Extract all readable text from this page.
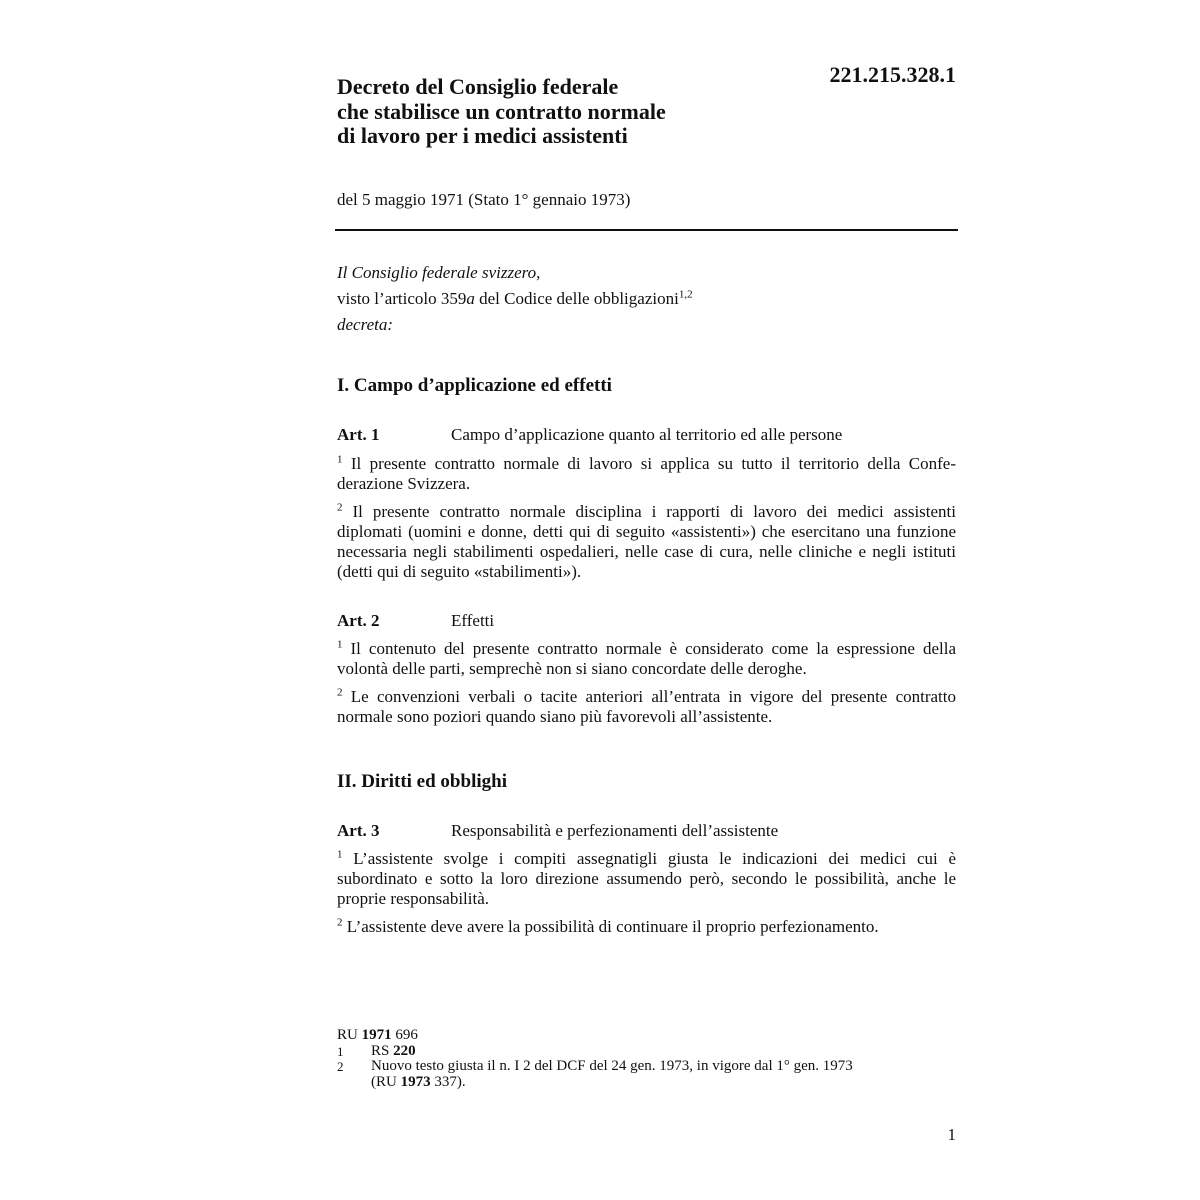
221.215.328.1
Decreto del Consiglio federale
che stabilisce un contratto normale
di lavoro per i medici assistenti
del 5 maggio 1971 (Stato 1° gennaio 1973)
Il Consiglio federale svizzero,
visto l’articolo 359a del Codice delle obbligazioni$^{1,2}$
decreta:
I. Campo d’applicazione ed effetti
Art. 1	Campo d’applicazione quanto al territorio ed alle persone
$^1$ Il presente contratto normale di lavoro si applica su tutto il territorio della Confederazione Svizzera.
$^2$ Il presente contratto normale disciplina i rapporti di lavoro dei medici assistenti diplomati (uomini e donne, detti qui di seguito «assistenti») che esercitano una funzione necessaria negli stabilimenti ospedalieri, nelle case di cura, nelle cliniche e negli istituti (detti qui di seguito «stabilimenti»).
Art. 2	Effetti
$^1$ Il contenuto del presente contratto normale è considerato come la espressione della volontà delle parti, semprechè non si siano concordate delle deroghe.
$^2$ Le convenzioni verbali o tacite anteriori all’entrata in vigore del presente contratto normale sono poziori quando siano più favorevoli all’assistente.
II. Diritti ed obblighi
Art. 3	Responsabilità e perfezionamenti dell’assistente
$^1$ L’assistente svolge i compiti assegnatigli giusta le indicazioni dei medici cui è subordinato e sotto la loro direzione assumendo però, secondo le possibilità, anche le proprie responsabilità.
$^2$ L’assistente deve avere la possibilità di continuare il proprio perfezionamento.
RU 1971 696
1 RS 220
2 Nuovo testo giusta il n. I 2 del DCF del 24 gen. 1973, in vigore dal 1° gen. 1973
(RU 1973 337).
1
